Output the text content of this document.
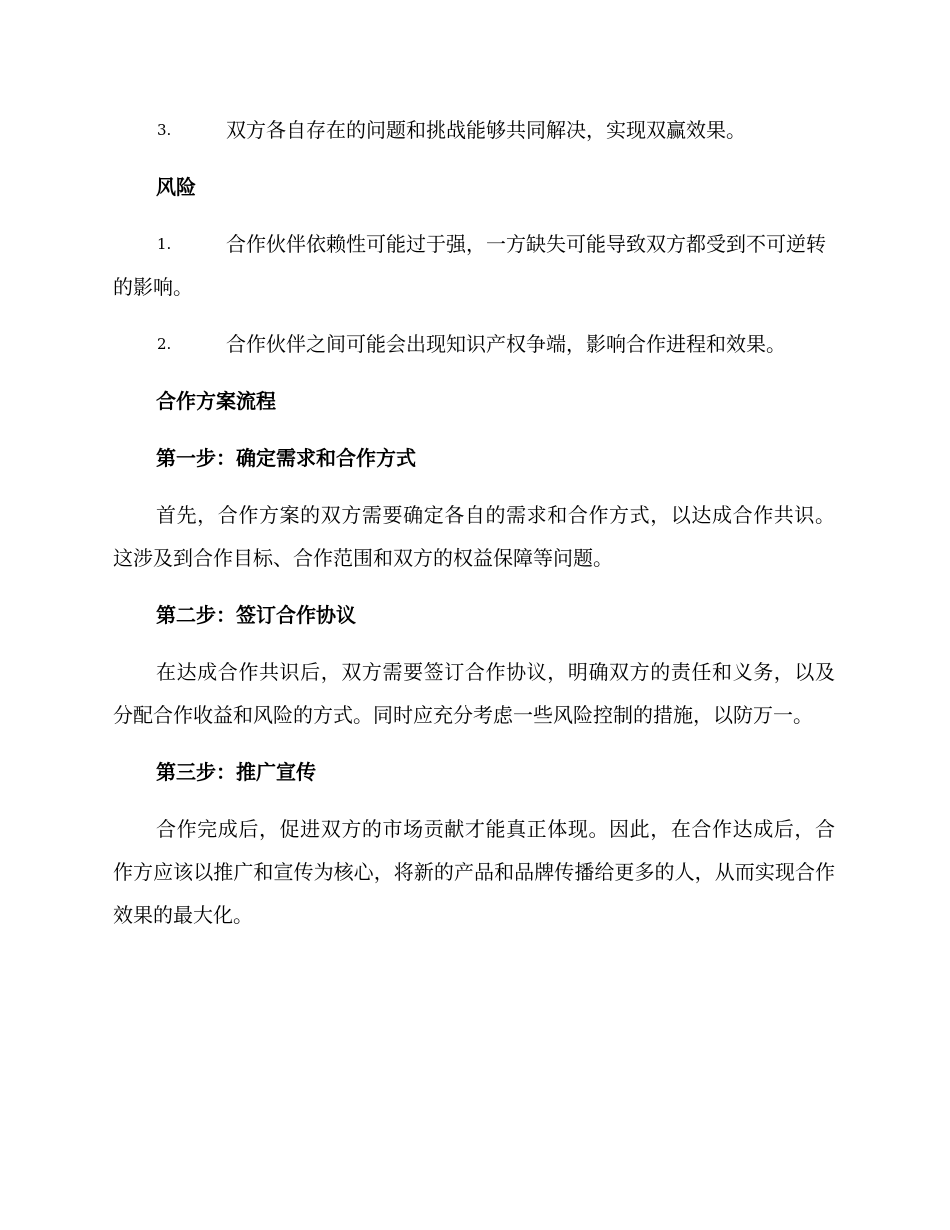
3.	双方各自存在的问题和挑战能够共同解决，实现双赢效果。
风险
1.	合作伙伴依赖性可能过于强，一方缺失可能导致双方都受到不可逆转的影响。
2.	合作伙伴之间可能会出现知识产权争端，影响合作进程和效果。
合作方案流程
第一步：确定需求和合作方式
首先，合作方案的双方需要确定各自的需求和合作方式，以达成合作共识。这涉及到合作目标、合作范围和双方的权益保障等问题。
第二步：签订合作协议
在达成合作共识后，双方需要签订合作协议，明确双方的责任和义务，以及分配合作收益和风险的方式。同时应充分考虑一些风险控制的措施，以防万一。
第三步：推广宣传
合作完成后，促进双方的市场贡献才能真正体现。因此，在合作达成后，合作方应该以推广和宣传为核心，将新的产品和品牌传播给更多的人，从而实现合作效果的最大化。
